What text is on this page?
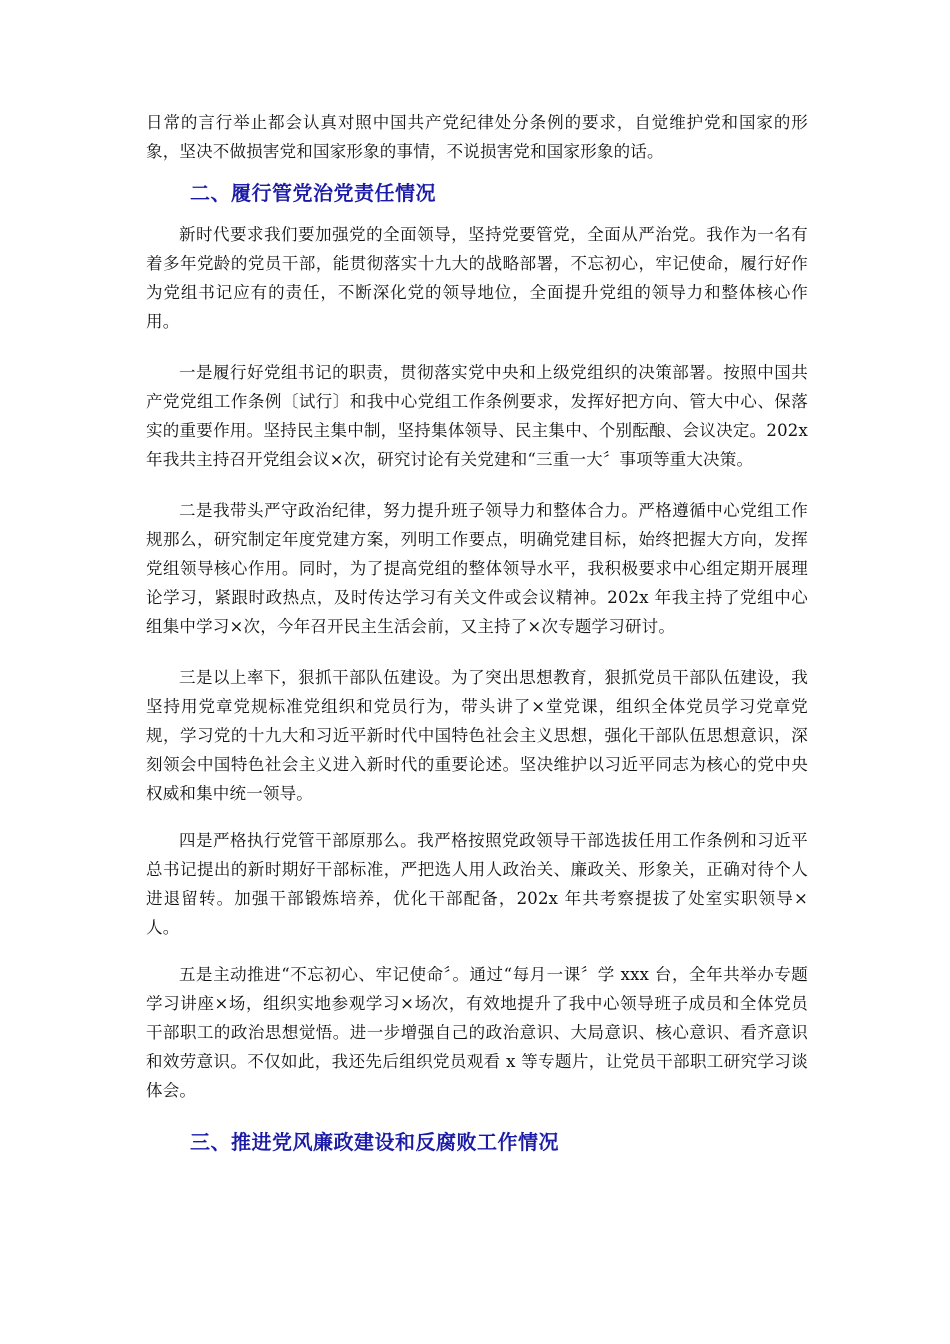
日常的言行举止都会认真对照中国共产党纪律处分条例的要求，自觉维护党和国家的形象，坚决不做损害党和国家形象的事情，不说损害党和国家形象的话。

二、履行管党治党责任情况

新时代要求我们要加强党的全面领导，坚持党要管党，全面从严治党。我作为一名有着多年党龄的党员干部，能贯彻落实十九大的战略部署，不忘初心，牢记使命，履行好作为党组书记应有的责任，不断深化党的领导地位，全面提升党组的领导力和整体核心作用。

一是履行好党组书记的职责，贯彻落实党中央和上级党组织的决策部署。按照中国共产党党组工作条例〔试行〕和我中心党组工作条例要求，发挥好把方向、管大中心、保落实的重要作用。坚持民主集中制，坚持集体领导、民主集中、个别酝酿、会议决定。202x 年我共主持召开党组会议×次，研究讨论有关党建和“三重一大〞事项等重大决策。

二是我带头严守政治纪律，努力提升班子领导力和整体合力。严格遵循中心党组工作规那么，研究制定年度党建方案，列明工作要点，明确党建目标，始终把握大方向，发挥党组领导核心作用。同时，为了提高党组的整体领导水平，我积极要求中心组定期开展理论学习，紧跟时政热点，及时传达学习有关文件或会议精神。202x 年我主持了党组中心组集中学习×次，今年召开民主生活会前，又主持了×次专题学习研讨。

三是以上率下，狠抓干部队伍建设。为了突出思想教育，狠抓党员干部队伍建设，我坚持用党章党规标准党组织和党员行为，带头讲了×堂党课，组织全体党员学习党章党规，学习党的十九大和习近平新时代中国特色社会主义思想，强化干部队伍思想意识，深刻领会中国特色社会主义进入新时代的重要论述。坚决维护以习近平同志为核心的党中央权威和集中统一领导。

四是严格执行党管干部原那么。我严格按照党政领导干部选拔任用工作条例和习近平总书记提出的新时期好干部标准，严把选人用人政治关、廉政关、形象关，正确对待个人进退留转。加强干部锻炼培养，优化干部配备，202x 年共考察提拔了处室实职领导×人。

五是主动推进“不忘初心、牢记使命〞。通过“每月一课〞学 xxx 台，全年共举办专题学习讲座×场，组织实地参观学习×场次，有效地提升了我中心领导班子成员和全体党员干部职工的政治思想觉悟。进一步增强自己的政治意识、大局意识、核心意识、看齐意识和效劳意识。不仅如此，我还先后组织党员观看 x 等专题片，让党员干部职工研究学习谈体会。

三、推进党风廉政建设和反腐败工作情况
